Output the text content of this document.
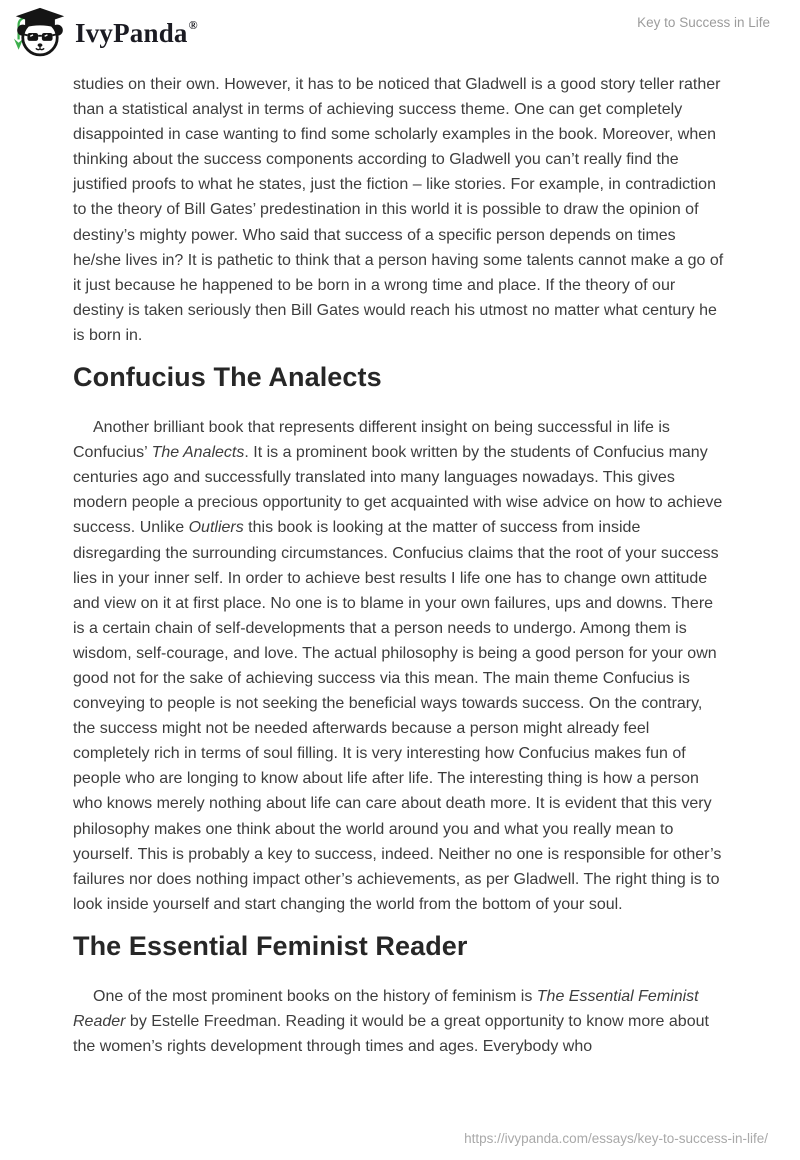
IvyPanda®	Key to Success in Life

studies on their own. However, it has to be noticed that Gladwell is a good story teller rather than a statistical analyst in terms of achieving success theme. One can get completely disappointed in case wanting to find some scholarly examples in the book. Moreover, when thinking about the success components according to Gladwell you can’t really find the justified proofs to what he states, just the fiction – like stories. For example, in contradiction to the theory of Bill Gates’ predestination in this world it is possible to draw the opinion of destiny’s mighty power. Who said that success of a specific person depends on times he/she lives in? It is pathetic to think that a person having some talents cannot make a go of it just because he happened to be born in a wrong time and place. If the theory of our destiny is taken seriously then Bill Gates would reach his utmost no matter what century he is born in.

Confucius The Analects

Another brilliant book that represents different insight on being successful in life is Confucius’ The Analects. It is a prominent book written by the students of Confucius many centuries ago and successfully translated into many languages nowadays. This gives modern people a precious opportunity to get acquainted with wise advice on how to achieve success. Unlike Outliers this book is looking at the matter of success from inside disregarding the surrounding circumstances. Confucius claims that the root of your success lies in your inner self. In order to achieve best results I life one has to change own attitude and view on it at first place. No one is to blame in your own failures, ups and downs. There is a certain chain of self-developments that a person needs to undergo. Among them is wisdom, self-courage, and love. The actual philosophy is being a good person for your own good not for the sake of achieving success via this mean. The main theme Confucius is conveying to people is not seeking the beneficial ways towards success. On the contrary, the success might not be needed afterwards because a person might already feel completely rich in terms of soul filling. It is very interesting how Confucius makes fun of people who are longing to know about life after life. The interesting thing is how a person who knows merely nothing about life can care about death more. It is evident that this very philosophy makes one think about the world around you and what you really mean to yourself. This is probably a key to success, indeed. Neither no one is responsible for other’s failures nor does nothing impact other’s achievements, as per Gladwell. The right thing is to look inside yourself and start changing the world from the bottom of your soul.

The Essential Feminist Reader

One of the most prominent books on the history of feminism is The Essential Feminist Reader by Estelle Freedman. Reading it would be a great opportunity to know more about the women’s rights development through times and ages. Everybody who

https://ivypanda.com/essays/key-to-success-in-life/
